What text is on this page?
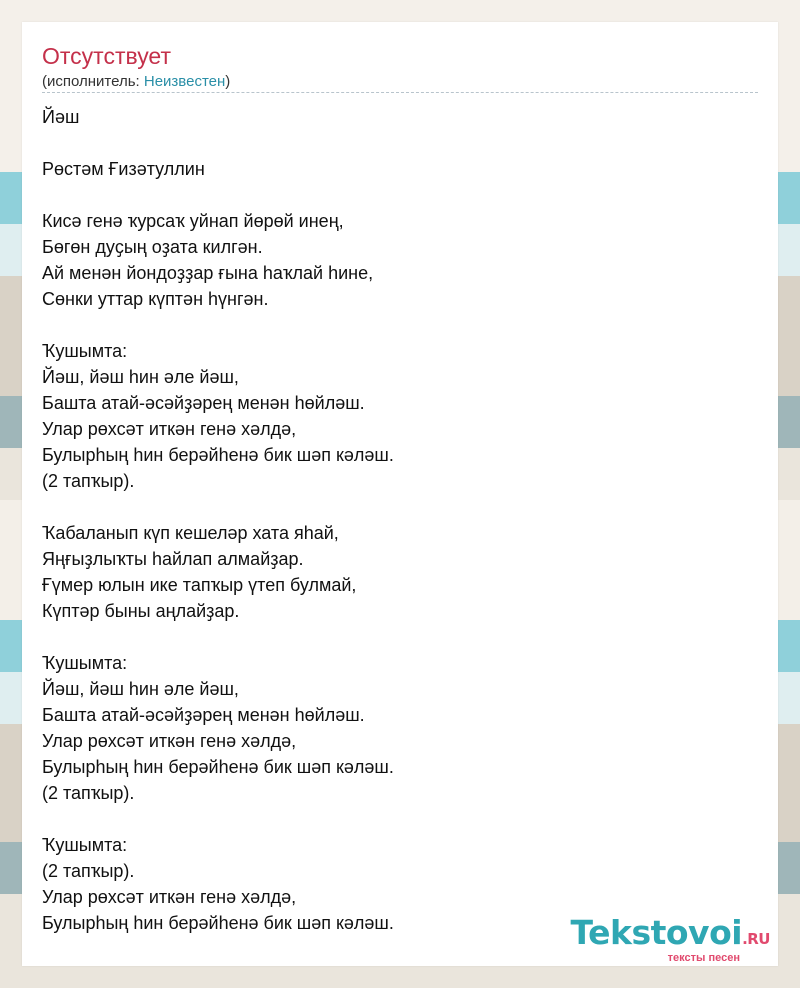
Отсутствует
(исполнитель: Неизвестен)
Йәш
Рөстәм Ғизәтуллин
Кисә генә ҡурсаҡ уйнап йөрөй инең,
Бөгөн дуҫың оҙата килгән.
Ай менән йондоҙҙар ғына һаҡлай һине,
Сөнки уттар күптән һүнгән.
Ҡушымта:
Йәш, йәш һин әле йәш,
Башта атай-әсәйҙәрең менән һөйләш.
Улар рөхсәт иткән генә хәлдә,
Булырһың һин берәйһенә бик шәп кәләш.
(2 тапҡыр).
Ҡабаланып күп кешеләр хата яһай,
Яңғыҙлыҡты һайлап алмайҙар.
Ғүмер юлын ике тапҡыр үтеп булмай,
Күптәр быны аңлайҙар.
Ҡушымта:
Йәш, йәш һин әле йәш,
Башта атай-әсәйҙәрең менән һөйләш.
Улар рөхсәт иткән генә хәлдә,
Булырһың һин берәйһенә бик шәп кәләш.
(2 тапҡыр).
Ҡушымта:
(2 тапҡыр).
Улар рөхсәт иткән генә хәлдә,
Булырһың һин берәйһенә бик шәп кәләш.	Tekstovoi.RU
тексты песен
